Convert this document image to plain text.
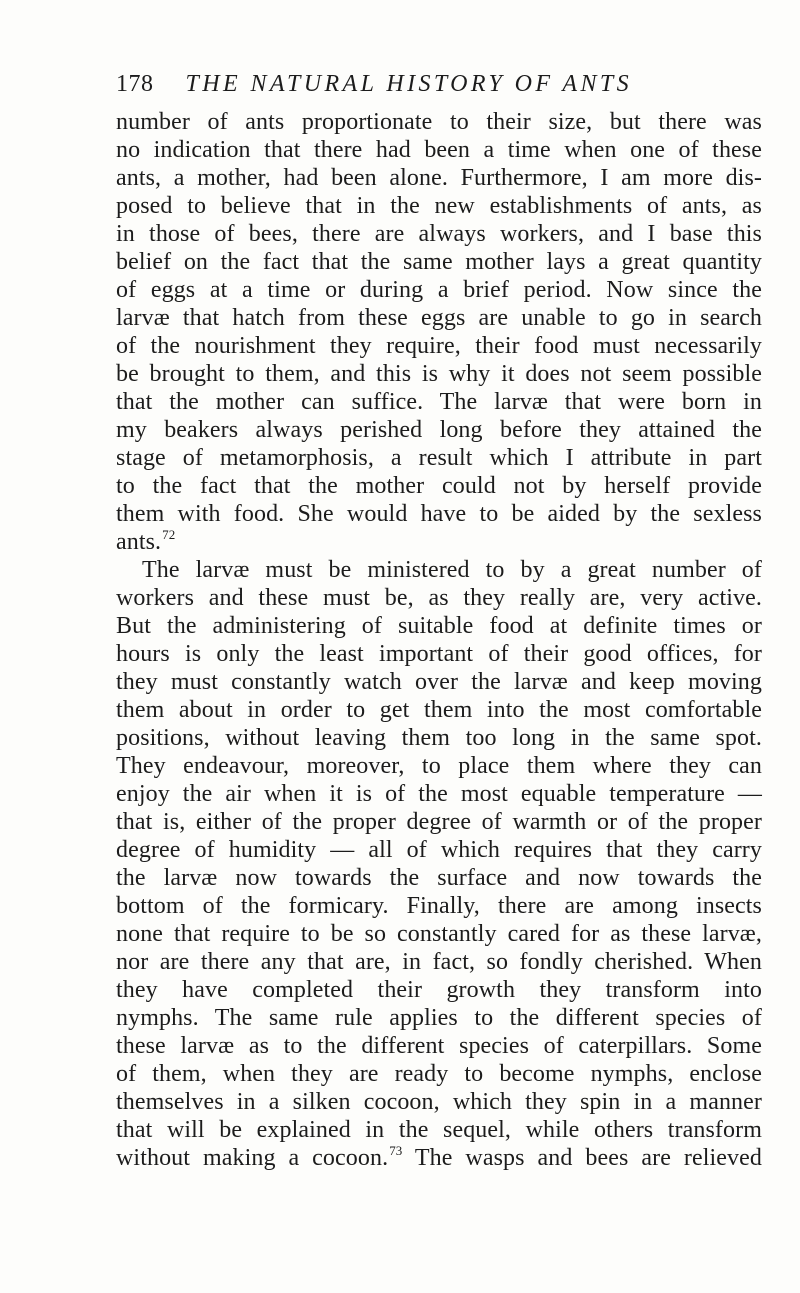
178 THE NATURAL HISTORY OF ANTS
number of ants proportionate to their size, but there was
no indication that there had been a time when one of these
ants, a mother, had been alone. Furthermore, I am more dis-
posed to believe that in the new establishments of ants, as
in those of bees, there are always workers, and I base this
belief on the fact that the same mother lays a great quantity
of eggs at a time or during a brief period. Now since the
larvæ that hatch from these eggs are unable to go in search
of the nourishment they require, their food must necessarily
be brought to them, and this is why it does not seem possible
that the mother can suffice. The larvæ that were born in
my beakers always perished long before they attained the
stage of metamorphosis, a result which I attribute in part
to the fact that the mother could not by herself provide
them with food. She would have to be aided by the sexless
ants.$^{72}$
The larvæ must be ministered to by a great number of
workers and these must be, as they really are, very active.
But the administering of suitable food at definite times or
hours is only the least important of their good offices, for
they must constantly watch over the larvæ and keep moving
them about in order to get them into the most comfortable
positions, without leaving them too long in the same spot.
They endeavour, moreover, to place them where they can
enjoy the air when it is of the most equable temperature —
that is, either of the proper degree of warmth or of the proper
degree of humidity — all of which requires that they carry
the larvæ now towards the surface and now towards the
bottom of the formicary. Finally, there are among insects
none that require to be so constantly cared for as these larvæ,
nor are there any that are, in fact, so fondly cherished. When
they have completed their growth they transform into
nymphs. The same rule applies to the different species of
these larvæ as to the different species of caterpillars. Some
of them, when they are ready to become nymphs, enclose
themselves in a silken cocoon, which they spin in a manner
that will be explained in the sequel, while others transform
without making a cocoon.$^{73}$ The wasps and bees are relieved
